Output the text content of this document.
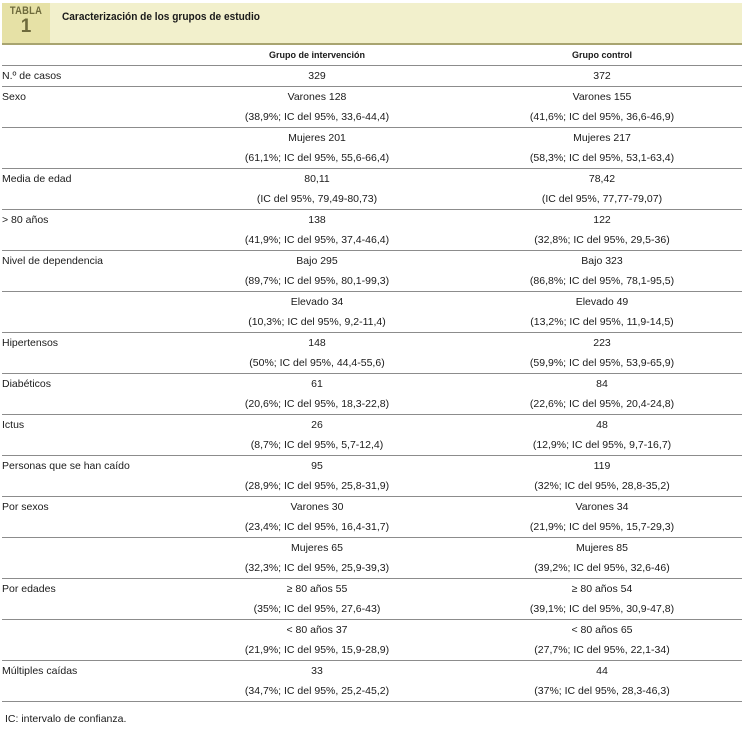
TABLA
1	Caracterización de los grupos de estudio
	Grupo de intervención	Grupo control
N.º de casos	329	372
Sexo	Varones 128	Varones 155
	(38,9%; IC del 95%, 33,6-44,4)	(41,6%; IC del 95%, 36,6-46,9)
	Mujeres 201	Mujeres 217
	(61,1%; IC del 95%, 55,6-66,4)	(58,3%; IC del 95%, 53,1-63,4)
Media de edad	80,11	78,42
	(IC del 95%, 79,49-80,73)	(IC del 95%, 77,77-79,07)
> 80 años	138	122
	(41,9%; IC del 95%, 37,4-46,4)	(32,8%; IC del 95%, 29,5-36)
Nivel de dependencia	Bajo 295	Bajo 323
	(89,7%; IC del 95%, 80,1-99,3)	(86,8%; IC del 95%, 78,1-95,5)
	Elevado 34	Elevado 49
	(10,3%; IC del 95%, 9,2-11,4)	(13,2%; IC del 95%, 11,9-14,5)
Hipertensos	148	223
	(50%; IC del 95%, 44,4-55,6)	(59,9%; IC del 95%, 53,9-65,9)
Diabéticos	61	84
	(20,6%; IC del 95%, 18,3-22,8)	(22,6%; IC del 95%, 20,4-24,8)
Ictus	26	48
	(8,7%; IC del 95%, 5,7-12,4)	(12,9%; IC del 95%, 9,7-16,7)
Personas que se han caído	95	119
	(28,9%; IC del 95%, 25,8-31,9)	(32%; IC del 95%, 28,8-35,2)
Por sexos	Varones 30	Varones 34
	(23,4%; IC del 95%, 16,4-31,7)	(21,9%; IC del 95%, 15,7-29,3)
	Mujeres 65	Mujeres 85
	(32,3%; IC del 95%, 25,9-39,3)	(39,2%; IC del 95%, 32,6-46)
Por edades	≥ 80 años 55	≥ 80 años 54
	(35%; IC del 95%, 27,6-43)	(39,1%; IC del 95%, 30,9-47,8)
	< 80 años 37	< 80 años 65
	(21,9%; IC del 95%, 15,9-28,9)	(27,7%; IC del 95%, 22,1-34)
Múltiples caídas	33	44
	(34,7%; IC del 95%, 25,2-45,2)	(37%; IC del 95%, 28,3-46,3)
IC: intervalo de confianza.
